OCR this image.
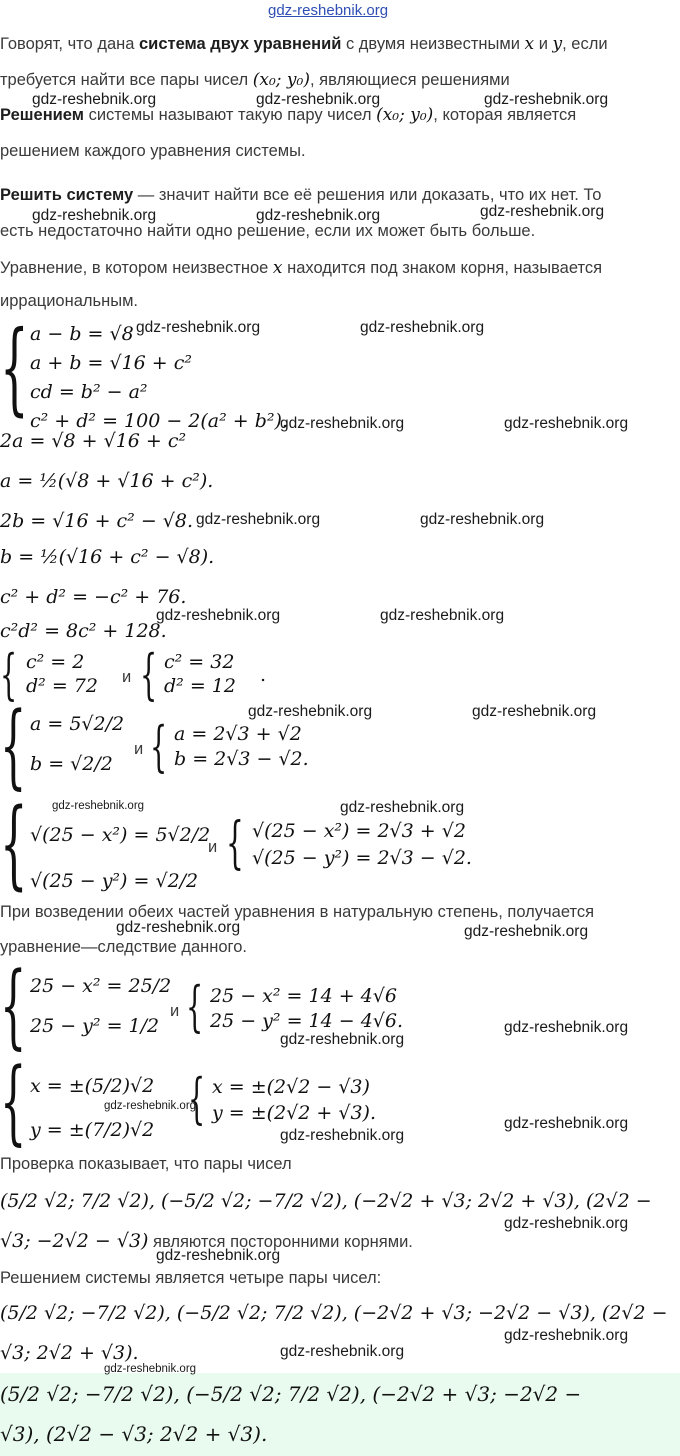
gdz-reshebnik.org
Говорят, что дана система двух уравнений с двумя неизвестными x и y, если
требуется найти все пары чисел (x₀; y₀), являющиеся решениями
gdz-reshebnik.org	gdz-reshebnik.org	gdz-reshebnik.org
Решением системы называют такую пару чисел (x₀; y₀), которая является
решением каждого уравнения системы.
Решить систему — значит найти все её решения или доказать, что их нет. То
gdz-reshebnik.org	gdz-reshebnik.org	gdz-reshebnik.org
есть недостаточно найти одно решение, если их может быть больше.
Уравнение, в котором неизвестное x находится под знаком корня, называется
иррациональным.
{ a − b = √8
a + b = √16 + c²
cd = b² − a²
c² + d² = 100 − 2(a² + b²).
gdz-reshebnik.org	gdz-reshebnik.org
gdz-reshebnik.org	gdz-reshebnik.org
2a = √8 + √16 + c²
a = ½(√8 + √16 + c²).
2b = √16 + c² − √8. gdz-reshebnik.org	gdz-reshebnik.org
b = ½(√16 + c² − √8).
c² + d² = −c² + 76.
gdz-reshebnik.org	gdz-reshebnik.org
c²d² = 8c² + 128.
{ c² = 2
d² = 72 и { c² = 32
d² = 12 .
{ a = 5√2/2
b = √2/2
gdz-reshebnik.org	gdz-reshebnik.org
и { a = 2√3 + √2
b = 2√3 − √2.
{ gdz-reshebnik.org	gdz-reshebnik.org
√(25 − x²) = 5√2/2
√(25 − y²) = √2/2
и { √(25 − x²) = 2√3 + √2
√(25 − y²) = 2√3 − √2.
При возведении обеих частей уравнения в натуральную степень, получается
gdz-reshebnik.org	gdz-reshebnik.org
уравнение—следствие данного.
{ 25 − x² = 25/2
25 − y² = 1/2
и { 25 − x² = 14 + 4√6
25 − y² = 14 − 4√6.	gdz-reshebnik.org
gdz-reshebnik.org
{ x = ±(5/2)√2
y = ±(7/2)√2
gdz-reshebnik.org
{ x = ±(2√2 − √3)
y = ±(2√2 + √3).	gdz-reshebnik.org
gdz-reshebnik.org
Проверка показывает, что пары чисел
(5/2 √2; 7/2 √2), (−5/2 √2; −7/2 √2), (−2√2 + √3; 2√2 + √3), (2√2 −
gdz-reshebnik.org
√3; −2√2 − √3) являются посторонними корнями.
gdz-reshebnik.org
Решением системы является четыре пары чисел:
(5/2 √2; −7/2 √2), (−5/2 √2; 7/2 √2), (−2√2 + √3; −2√2 − √3), (2√2 −
gdz-reshebnik.org
√3; 2√2 + √3).	gdz-reshebnik.org
gdz-reshebnik.org
(5/2 √2; −7/2 √2), (−5/2 √2; 7/2 √2), (−2√2 + √3; −2√2 −
√3), (2√2 − √3; 2√2 + √3).
